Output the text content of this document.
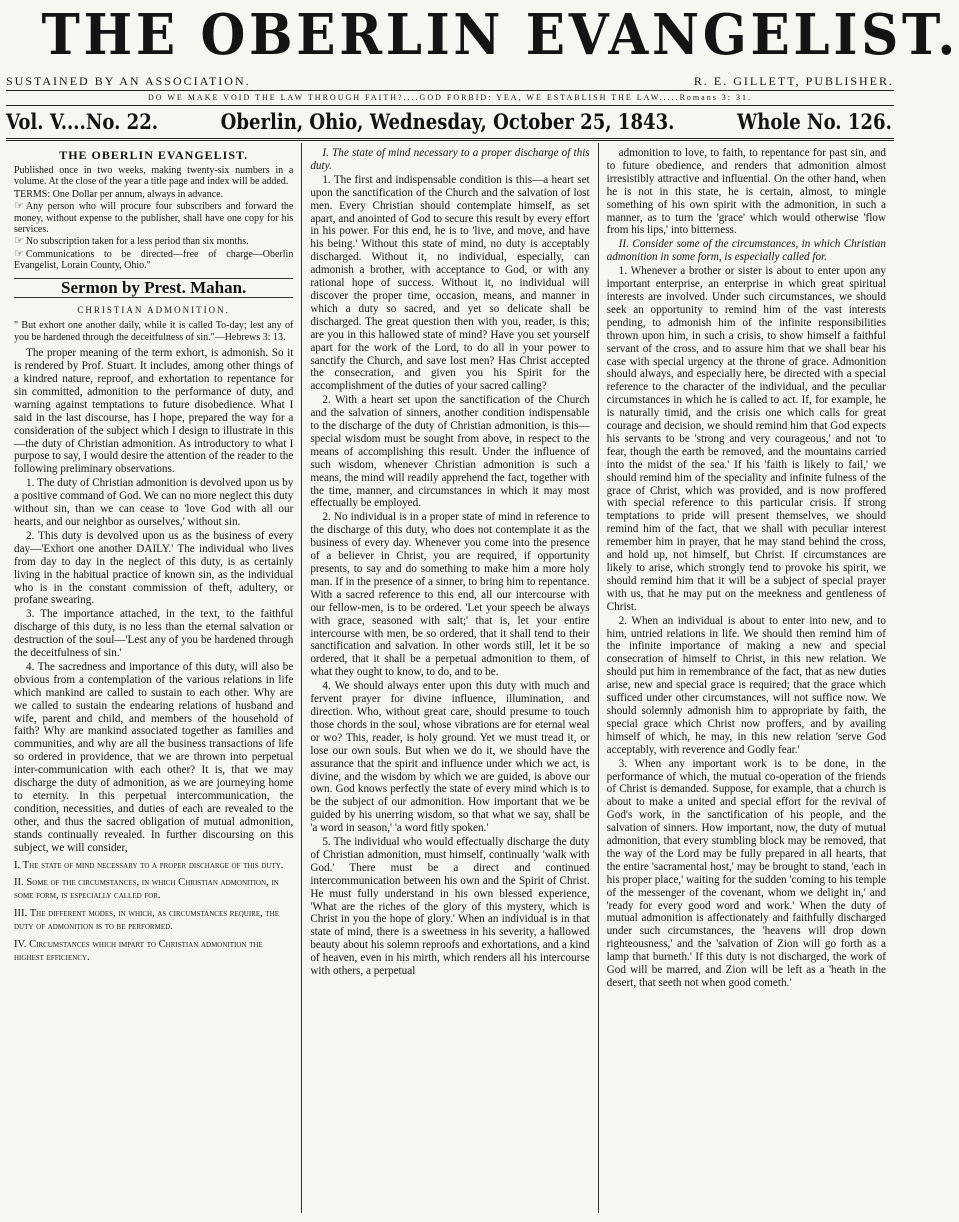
THE OBERLIN EVANGELIST.
SUSTAINED BY AN ASSOCIATION.	R. E. GILLETT, PUBLISHER.
DO WE MAKE VOID THE LAW THROUGH FAITH?....GOD FORBID: YEA, WE ESTABLISH THE LAW.....Romans 3: 31.
Vol. V....No. 22.	Oberlin, Ohio, Wednesday, October 25, 1843.	Whole No. 126.
THE OBERLIN EVANGELIST.

Published once in two weeks, making twenty-six numbers in a volume. At the close of the year a title page and index will be added.

TERMS: One Dollar per annum, always in advance.

☞ Any person who will procure four subscribers and forward the money, without expense to the publisher, shall have one copy for his services.

☞ No subscription taken for a less period than six months.

☞ Communications to be directed—free of charge—Oberlin Evangelist, Lorain County, Ohio."

Sermon by Prest. Mahan.
CHRISTIAN ADMONITION.
" But exhort one another daily, while it is called To-day; lest any of you be hardened through the deceitfulness of sin."—Hebrews 3: 13.

The proper meaning of the term exhort, is admonish. So it is rendered by Prof. Stuart. It includes, among other things of a kindred nature, reproof, and exhortation to repentance for sin committed, admonition to the performance of duty, and warning against temptations to future disobedience. What I said in the last discourse, has I hope, prepared the way for a consideration of the subject which I design to illustrate in this—the duty of Christian admonition. As introductory to what I purpose to say, I would desire the attention of the reader to the following preliminary observations.

1. The duty of Christian admonition is devolved upon us by a positive command of God. We can no more neglect this duty without sin, than we can cease to 'love God with all our hearts, and our neighbor as ourselves,' without sin.

2. This duty is devolved upon us as the business of every day—'Exhort one another DAILY.' The individual who lives from day to day in the neglect of this duty, is as certainly living in the habitual practice of known sin, as the individual who is in the constant commission of theft, adultery, or profane swearing.

3. The importance attached, in the text, to the faithful discharge of this duty, is no less than the eternal salvation or destruction of the soul—'Lest any of you be hardened through the deceitfulness of sin.'

4. The sacredness and importance of this duty, will also be obvious from a contemplation of the various relations in life which mankind are called to sustain to each other. Why are we called to sustain the endearing relations of husband and wife, parent and child, and members of the household of faith? Why are mankind associated together as families and communities, and why are all the business transactions of life so ordered in providence, that we are thrown into perpetual inter-communication with each other? It is, that we may discharge the duty of admonition, as we are journeying home to eternity. In this perpetual intercommunication, the condition, necessities, and duties of each are revealed to the other, and thus the sacred obligation of mutual admonition, stands continually revealed. In further discoursing on this subject, we will consider,

I. The state of mind necessary to a proper discharge of this duty.
II. Some of the circumstances, in which Christian admonition, in some form, is especially called for.
III. The different modes, in which, as circumstances require, the duty of admonition is to be performed.
IV. Circumstances which impart to Christian admonition the highest efficiency.

I. The state of mind necessary to a proper discharge of this duty.

1. The first and indispensable condition is this—a heart set upon the sanctification of the Church and the salvation of lost men. Every Christian should contemplate himself, as set apart, and anointed of God to secure this result by every effort in his power. For this end, he is to 'live, and move, and have his being.' Without this state of mind, no duty is acceptably discharged. Without it, no individual, especially, can admonish a brother, with acceptance to God, or with any rational hope of success. Without it, no individual will discover the proper time, occasion, means, and manner in which a duty so sacred, and yet so delicate shall be discharged. The great question then with you, reader, is this; are you in this hallowed state of mind? Have you set yourself apart for the work of the Lord, to do all in your power to sanctify the Church, and save lost men? Has Christ accepted the consecration, and given you his Spirit for the accomplishment of the duties of your sacred calling?

2. With a heart set upon the sanctification of the Church and the salvation of sinners, another condition indispensable to the discharge of the duty of Christian admonition, is this—special wisdom must be sought from above, in respect to the means of accomplishing this result. Under the influence of such wisdom, whenever Christian admonition is such a means, the mind will readily apprehend the fact, together with the time, manner, and circumstances in which it may most effectually be employed.

2. No individual is in a proper state of mind in reference to the discharge of this duty, who does not contemplate it as the business of every day. Whenever you come into the presence of a believer in Christ, you are required, if opportunity presents, to say and do something to make him a more holy man. If in the presence of a sinner, to bring him to repentance. With a sacred reference to this end, all our intercourse with our fellow-men, is to be ordered. 'Let your speech be always with grace, seasoned with salt;' that is, let your entire intercourse with men, be so ordered, that it shall tend to their sanctification and salvation. In other words still, let it be so ordered, that it shall be a perpetual admonition to them, of what they ought to know, to do, and to be.

4. We should always enter upon this duty with much and fervent prayer for divine influence, illumination, and direction. Who, without great care, should presume to touch those chords in the soul, whose vibrations are for eternal weal or wo? This, reader, is holy ground. Yet we must tread it, or lose our own souls. But when we do it, we should have the assurance that the spirit and influence under which we act, is divine, and the wisdom by which we are guided, is above our own. God knows perfectly the state of every mind which is to be the subject of our admonition. How important that we be guided by his unerring wisdom, so that what we say, shall be 'a word in season,' 'a word fitly spoken.'

5. The individual who would effectually discharge the duty of Christian admonition, must himself, continually 'walk with God.' There must be a direct and continued intercommunication between his own and the Spirit of Christ. He must fully understand in his own blessed experience, 'What are the riches of the glory of this mystery, which is Christ in you the hope of glory.' When an individual is in that state of mind, there is a sweetness in his severity, a hallowed beauty about his solemn reproofs and exhortations, and a kind of heaven, even in his mirth, which renders all his intercourse with others, a perpetual

admonition to love, to faith, to repentance for past sin, and to future obedience, and renders that admonition almost irresistibly attractive and influential. On the other hand, when he is not in this state, he is certain, almost, to mingle something of his own spirit with the admonition, in such a manner, as to turn the 'grace' which would otherwise 'flow from his lips,' into bitterness.

II. Consider some of the circumstances, in which Christian admonition in some form, is especially called for.

1. Whenever a brother or sister is about to enter upon any important enterprise, an enterprise in which great spiritual interests are involved. Under such circumstances, we should seek an opportunity to remind him of the vast interests pending, to admonish him of the infinite responsibilities thrown upon him, in such a crisis, to show himself a faithful servant of the cross, and to assure him that we shall bear his case with special urgency at the throne of grace. Admonition should always, and especially here, be directed with a special reference to the character of the individual, and the peculiar circumstances in which he is called to act. If, for example, he is naturally timid, and the crisis one which calls for great courage and decision, we should remind him that God expects his servants to be 'strong and very courageous,' and not 'to fear, though the earth be removed, and the mountains carried into the midst of the sea.' If his 'faith is likely to fail,' we should remind him of the speciality and infinite fulness of the grace of Christ, which was provided, and is now proffered with special reference to this particular crisis. If strong temptations to pride will present themselves, we should remind him of the fact, that we shall with peculiar interest remember him in prayer, that he may stand behind the cross, and hold up, not himself, but Christ. If circumstances are likely to arise, which strongly tend to provoke his spirit, we should remind him that it will be a subject of special prayer with us, that he may put on the meekness and gentleness of Christ.

2. When an individual is about to enter into new, and to him, untried relations in life. We should then remind him of the infinite importance of making a new and special consecration of himself to Christ, in this new relation. We should put him in remembrance of the fact, that as new duties arise, new and special grace is required; that the grace which sufficed under other circumstances, will not suffice now. We should solemnly admonish him to appropriate by faith, the special grace which Christ now proffers, and by availing himself of which, he may, in this new relation 'serve God acceptably, with reverence and Godly fear.'

3. When any important work is to be done, in the performance of which, the mutual co-operation of the friends of Christ is demanded. Suppose, for example, that a church is about to make a united and special effort for the revival of God's work, in the sanctification of his people, and the salvation of sinners. How important, now, the duty of mutual admonition, that every stumbling block may be removed, that the way of the Lord may be fully prepared in all hearts, that the entire 'sacramental host,' may be brought to stand, 'each in his proper place,' waiting for the sudden 'coming to his temple of the messenger of the covenant, whom we delight in,' and 'ready for every good word and work.' When the duty of mutual admonition is affectionately and faithfully discharged under such circumstances, the 'heavens will drop down righteousness,' and the 'salvation of Zion will go forth as a lamp that burneth.' If this duty is not discharged, the work of God will be marred, and Zion will be left as a 'heath in the desert, that seeth not when good cometh.'
